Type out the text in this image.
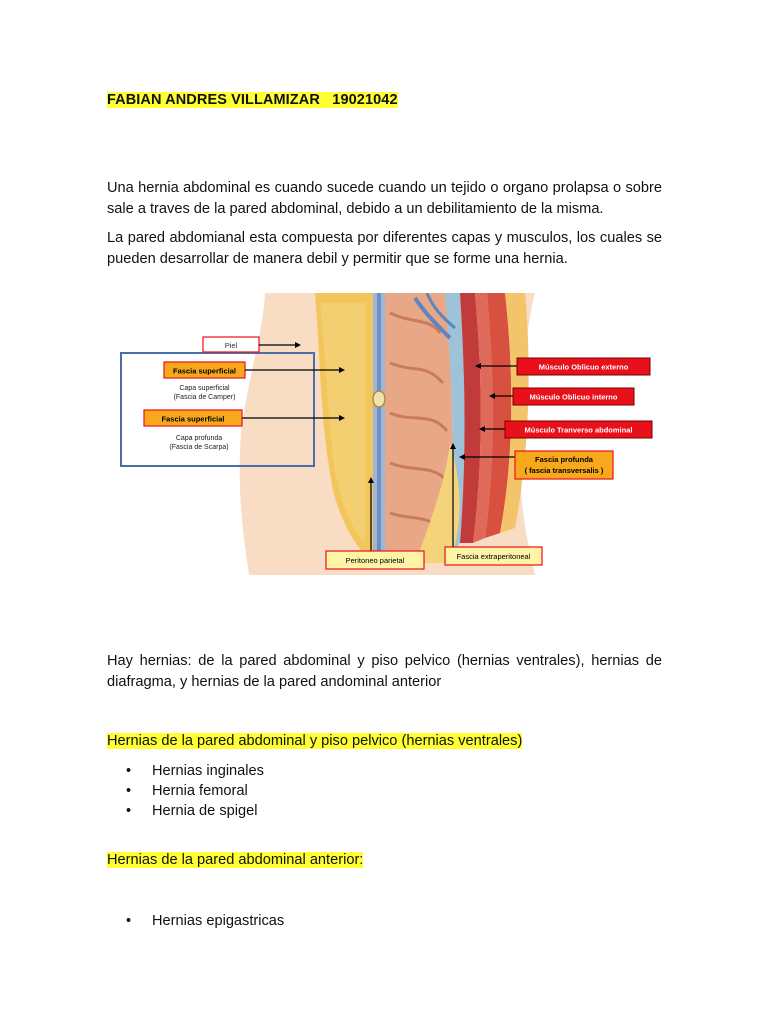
FABIAN ANDRES VILLAMIZAR   19021042

Una hernia abdominal es cuando sucede cuando un tejido o organo prolapsa o sobre sale a traves de la pared abdominal, debido a un debilitamiento de la misma.

La pared abdomianal esta compuesta por diferentes capas y musculos, los cuales se pueden desarrollar de manera debil y permitir que se forme una hernia.

Piel
Fascia superficial
Capa superficial
(Fascia de Camper)
Fascia superficial
Capa profunda
(Fascia de Scarpa)
Músculo Oblicuo externo
Músculo Oblicuo interno
Músculo Tranverso abdominal
Fascia profunda
( fascia transversalis )
Peritoneo parietal	Fascia extraperitoneal

Hay hernias: de la pared abdominal y piso pelvico (hernias ventrales), hernias de diafragma, y hernias de la pared andominal anterior

Hernias de la pared abdominal y piso pelvico (hernias ventrales)
• Hernias inginales
• Hernia femoral
• Hernia de spigel
Hernias de la pared abdominal anterior:
• Hernias epigastricas
